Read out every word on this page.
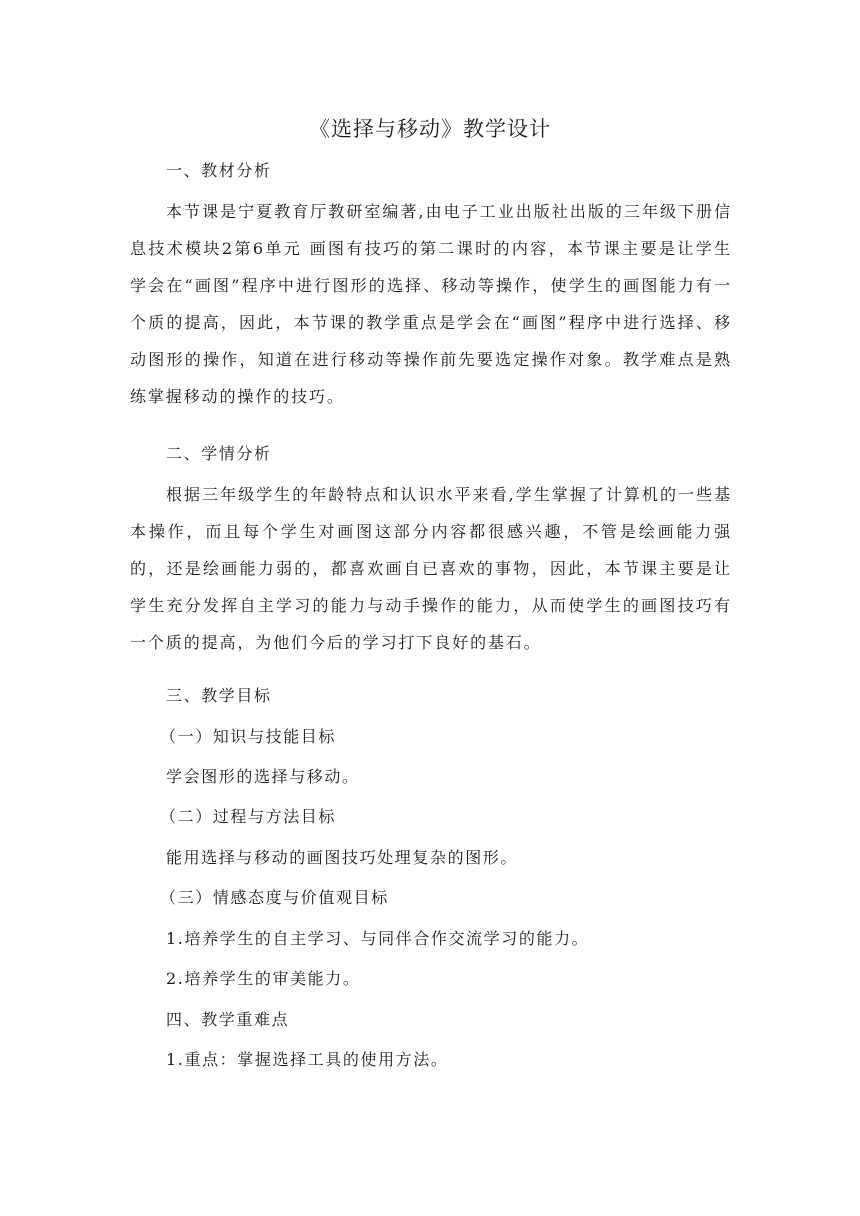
《选择与移动》教学设计
一、教材分析

本节课是宁夏教育厅教研室编著,由电子工业出版社出版的三年级下册信息技术模块2第6单元 画图有技巧的第二课时的内容，本节课主要是让学生学会在“画图”程序中进行图形的选择、移动等操作，使学生的画图能力有一个质的提高，因此，本节课的教学重点是学会在“画图”程序中进行选择、移动图形的操作，知道在进行移动等操作前先要选定操作对象。教学难点是熟练掌握移动的操作的技巧。

二、学情分析

根据三年级学生的年龄特点和认识水平来看,学生掌握了计算机的一些基本操作，而且每个学生对画图这部分内容都很感兴趣，不管是绘画能力强的，还是绘画能力弱的，都喜欢画自已喜欢的事物，因此，本节课主要是让学生充分发挥自主学习的能力与动手操作的能力，从而使学生的画图技巧有一个质的提高，为他们今后的学习打下良好的基石。

三、教学目标
（一）知识与技能目标
学会图形的选择与移动。
（二）过程与方法目标
能用选择与移动的画图技巧处理复杂的图形。
（三）情感态度与价值观目标
1.培养学生的自主学习、与同伴合作交流学习的能力。
2.培养学生的审美能力。
四、教学重难点
1.重点：掌握选择工具的使用方法。
